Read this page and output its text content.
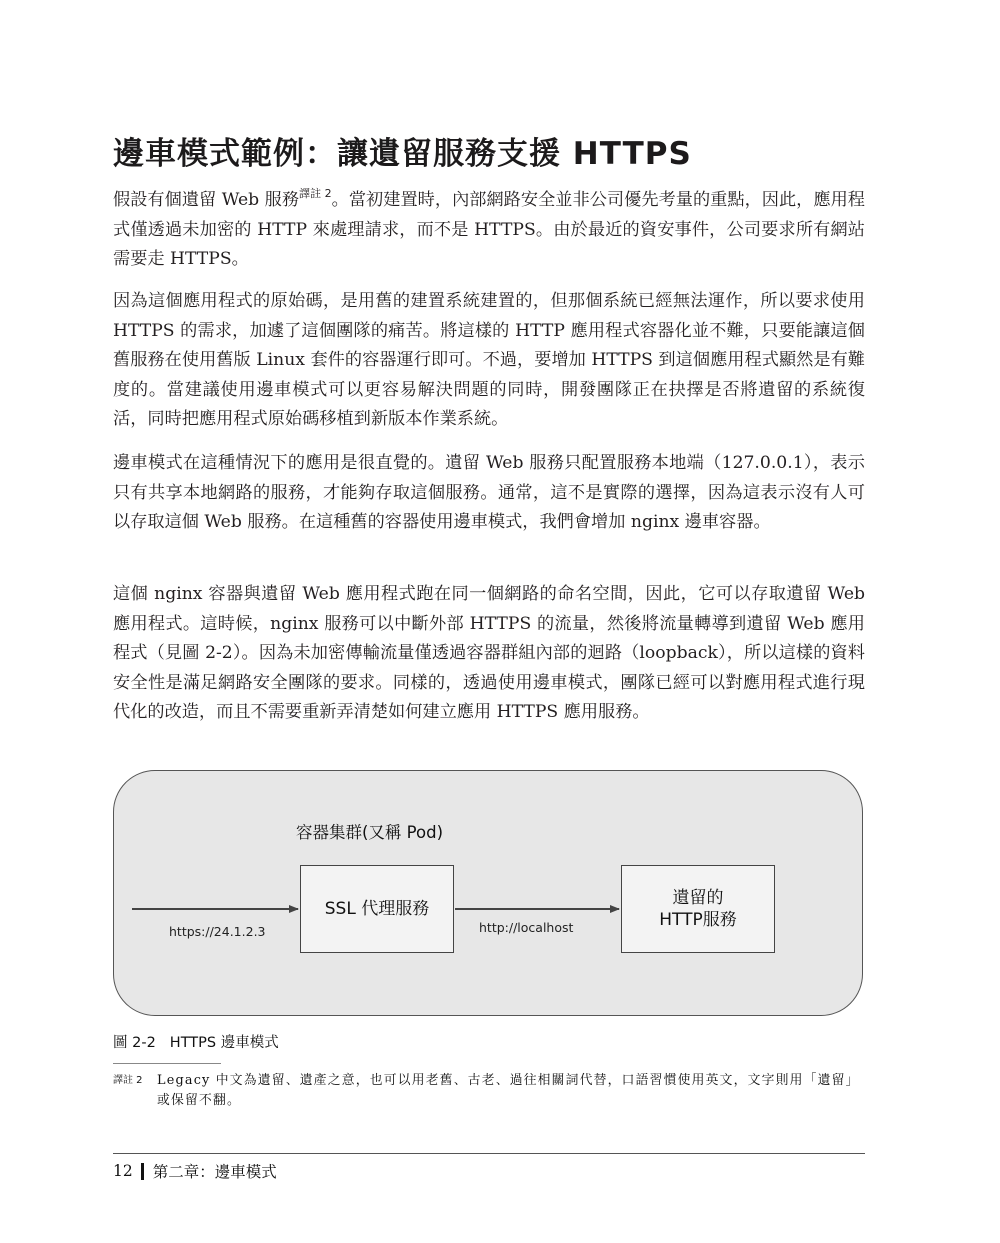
邊車模式範例：讓遺留服務支援 HTTPS

假設有個遺留 Web 服務$^{譯註 2}$。當初建置時，內部網路安全並非公司優先考量的重點，因此，應用程式僅透過未加密的 HTTP 來處理請求，而不是 HTTPS。由於最近的資安事件，公司要求所有網站需要走 HTTPS。

因為這個應用程式的原始碼，是用舊的建置系統建置的，但那個系統已經無法運作，所以要求使用 HTTPS 的需求，加遽了這個團隊的痛苦。將這樣的 HTTP 應用程式容器化並不難，只要能讓這個舊服務在使用舊版 Linux 套件的容器運行即可。不過，要增加 HTTPS 到這個應用程式顯然是有難度的。當建議使用邊車模式可以更容易解決問題的同時，開發團隊正在抉擇是否將遺留的系統復活，同時把應用程式原始碼移植到新版本作業系統。

邊車模式在這種情況下的應用是很直覺的。遺留 Web 服務只配置服務本地端（127.0.0.1），表示只有共享本地網路的服務，才能夠存取這個服務。通常，這不是實際的選擇，因為這表示沒有人可以存取這個 Web 服務。在這種舊的容器使用邊車模式，我們會增加 nginx 邊車容器。

這個 nginx 容器與遺留 Web 應用程式跑在同一個網路的命名空間，因此，它可以存取遺留 Web 應用程式。這時候，nginx 服務可以中斷外部 HTTPS 的流量，然後將流量轉導到遺留 Web 應用程式（見圖 2-2）。因為未加密傳輸流量僅透過容器群組內部的迴路（loopback），所以這樣的資料安全性是滿足網路安全團隊的要求。同樣的，透過使用邊車模式，團隊已經可以對應用程式進行現代化的改造，而且不需要重新弄清楚如何建立應用 HTTPS 應用服務。

容器集群(又稱 Pod)
SSL 代理服務
遺留的
HTTP服務
https://24.1.2.3	http://localhost
圖 2-2 HTTPS 邊車模式
譯註 2 Legacy 中文為遺留、遺產之意，也可以用老舊、古老、過往相關詞代替，口語習慣使用英文，文字則用「遺留」或保留不翻。
12 第二章：邊車模式
